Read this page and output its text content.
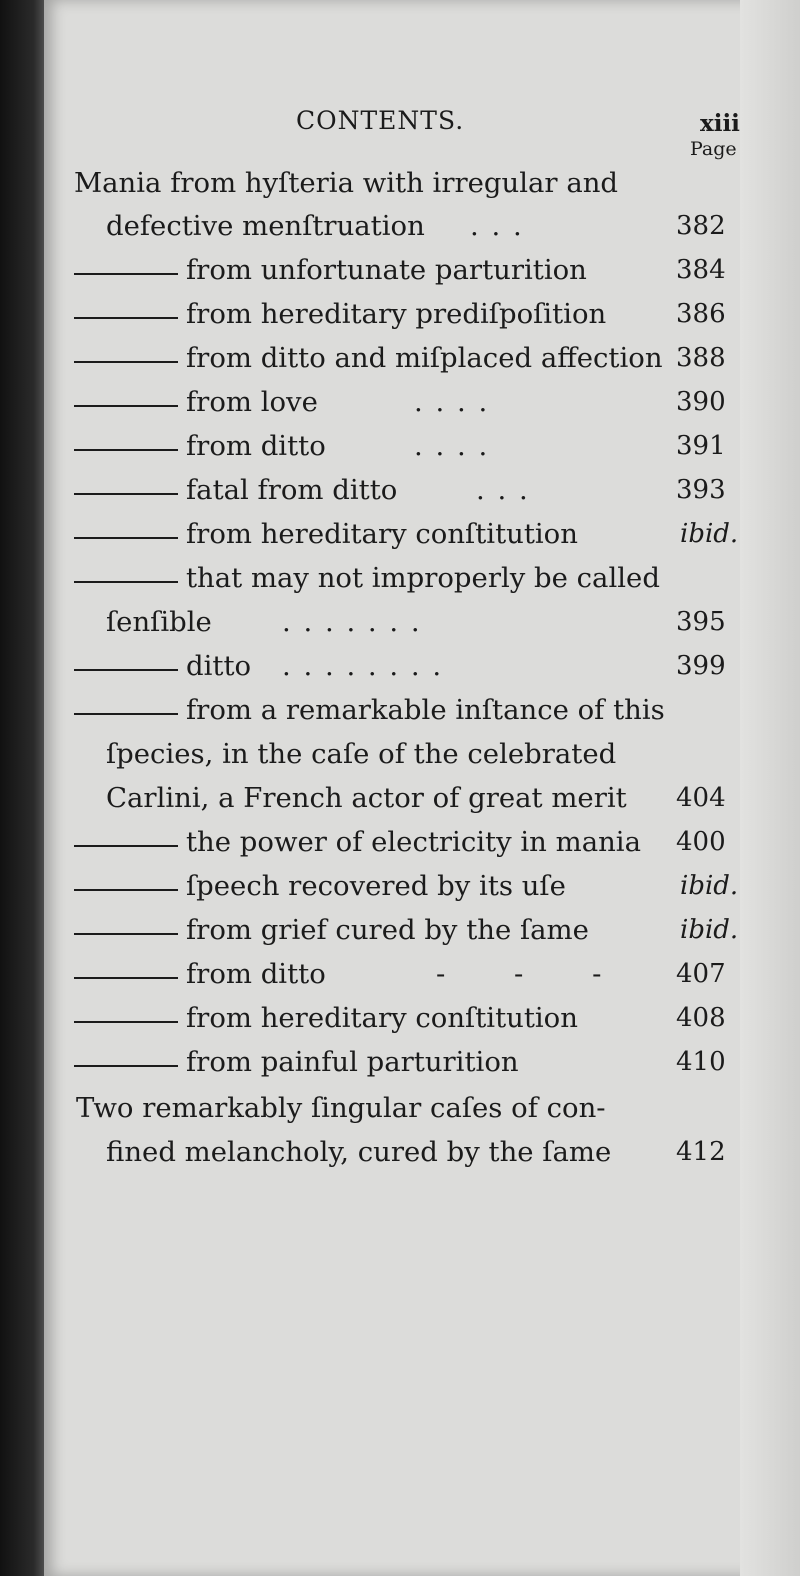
CONTENTS.	xiii
Page
Mania from hyſteria with irregular and
defective menſtruation . . .	382
from unfortunate parturition	384
from hereditary prediſpoſition	386
from ditto and miſplaced affection 388
from love	. . . .	390
from ditto	. . . .	391
fatal from ditto	. . .	393
from hereditary conſtitution	ibid.
that may not improperly be called
ſenſible	. . . . . . .	395
ditto . . . . . . . .	399
from a remarkable inſtance of this
ſpecies, in the caſe of the celebrated
Carlini, a French actor of great merit 404
the power of electricity in mania 400
ſpeech recovered by its uſe	ibid.
from grief cured by the ſame	ibid.
from ditto	- - - 407
from hereditary conſtitution	408
from painful parturition	410
Two remarkably ſingular caſes of con-
fined melancholy, cured by the ſame 412
